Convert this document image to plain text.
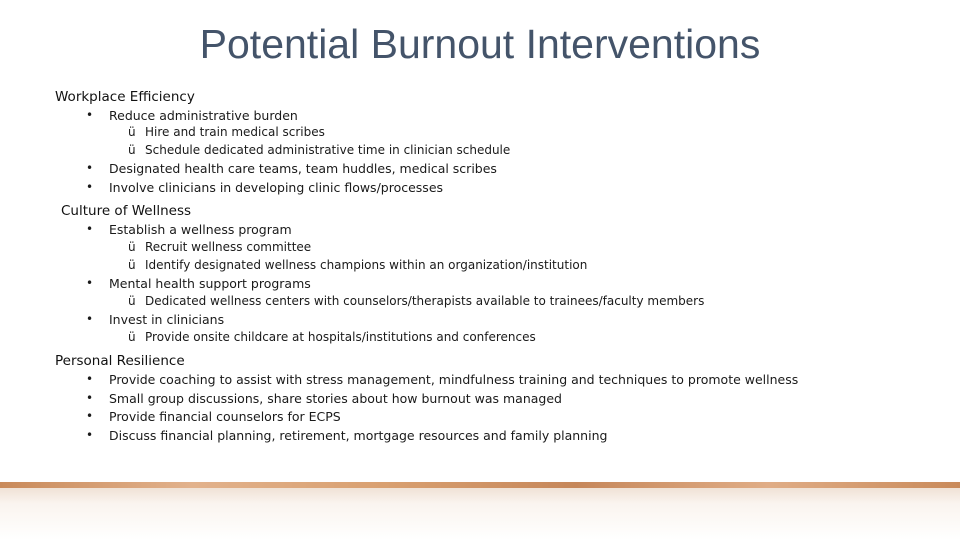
Potential Burnout Interventions
Workplace Efficiency
• Reduce administrative burden
ü Hire and train medical scribes
ü Schedule dedicated administrative time in clinician schedule
• Designated health care teams, team huddles, medical scribes
• Involve clinicians in developing clinic flows/processes
Culture of Wellness
• Establish a wellness program
ü Recruit wellness committee
ü Identify designated wellness champions within an organization/institution
• Mental health support programs
ü Dedicated wellness centers with counselors/therapists available to trainees/faculty members
• Invest in clinicians
ü Provide onsite childcare at hospitals/institutions and conferences
Personal Resilience
• Provide coaching to assist with stress management, mindfulness training and techniques to promote wellness
• Small group discussions, share stories about how burnout was managed
• Provide financial counselors for ECPS
• Discuss financial planning, retirement, mortgage resources and family planning
